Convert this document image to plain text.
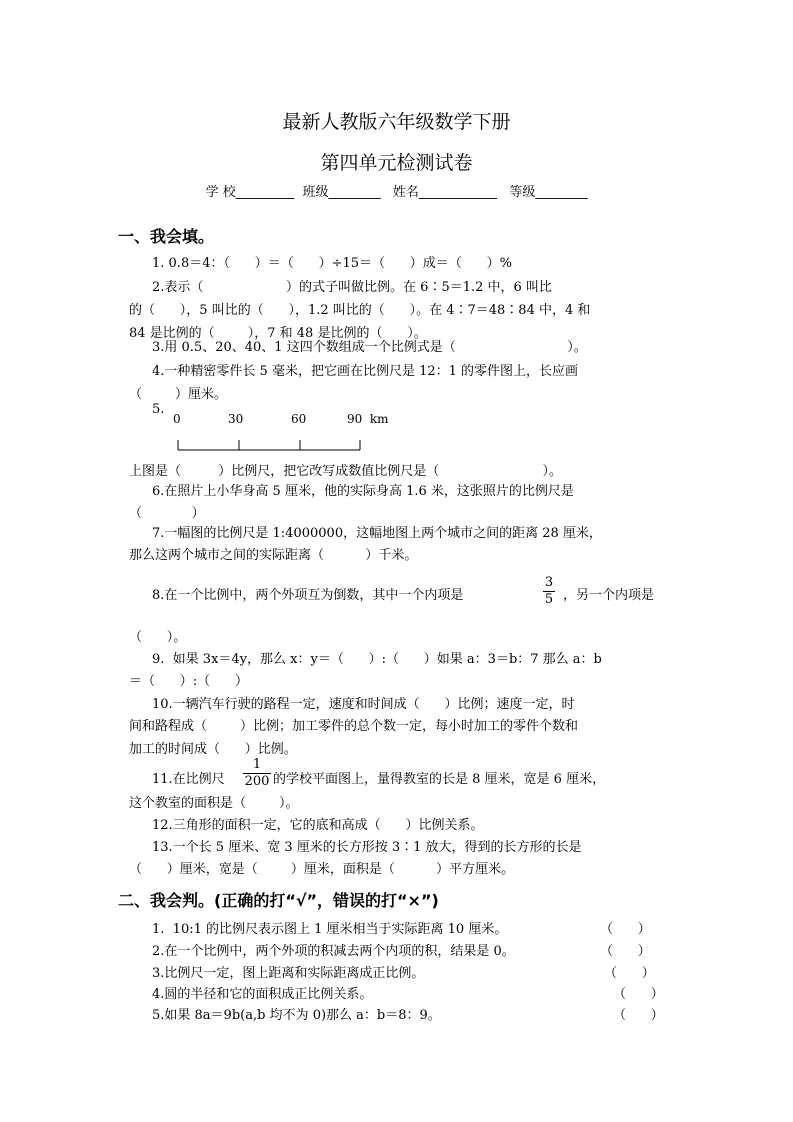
最新人教版六年级数学下册
第四单元检测试卷
学 校_________  班级________   姓名____________   等级________
一、我会填。
1. 0.8＝4：（      ）＝（      ）÷15＝（      ）成＝（      ）%
2.表示（                    ）的式子叫做比例。在 6∶5＝1.2 中，6 叫比
的（      ），5 叫比的（      ），1.2 叫比的（      ）。在 4∶7＝48∶84 中，4 和
84 是比例的（        ），7 和 48 是比例的（      ）。
3.用 0.5、20、40、1 这四个数组成一个比例式是（                           ）。
4.一种精密零件长 5 毫米，把它画在比例尺是 12：1 的零件图上，长应画
（        ）厘米。
5.
0	30	60	90  km
上图是（         ）比例尺，把它改写成数值比例尺是（                         ）。
6.在照片上小华身高 5 厘米，他的实际身高 1.6 米，这张照片的比例尺是
（            ）
7.一幅图的比例尺是 1:4000000，这幅地图上两个城市之间的距离 28 厘米，
那么这两个城市之间的实际距离（          ）千米。
8.在一个比例中，两个外项互为倒数，其中一个内项是
3
5 ，另一个内项是
（      ）。
9.  如果 3x＝4y，那么 x：y＝（      ）:（      ）如果 a：3＝b：7 那么 a：b
＝（      ）:（      ）
10.一辆汽车行驶的路程一定，速度和时间成（      ）比例；速度一定，时
间和路程成（        ）比例；加工零件的总个数一定，每小时加工的零件个数和
加工的时间成（      ）比例。
11.在比例尺
1
200 的学校平面图上，量得教室的长是 8 厘米，宽是 6 厘米，
这个教室的面积是（        ）。
12.三角形的面积一定，它的底和高成（      ）比例关系。
13.一个长 5 厘米、宽 3 厘米的长方形按 3∶1 放大，得到的长方形的长是
（      ）厘米，宽是（        ）厘米，面积是（          ）平方厘米。
二、我会判。(正确的打“√”，错误的打“×”)
1.  10:1 的比例尺表示图上 1 厘米相当于实际距离 10 厘米。	（      ）
2.在一个比例中，两个外项的积减去两个内项的积，结果是 0。	（      ）
3.比例尺一定，图上距离和实际距离成正比例。	（      ）
4.圆的半径和它的面积成正比例关系。	（      ）
5.如果 8a＝9b(a,b 均不为 0)那么 a：b＝8：9。	（      ）
